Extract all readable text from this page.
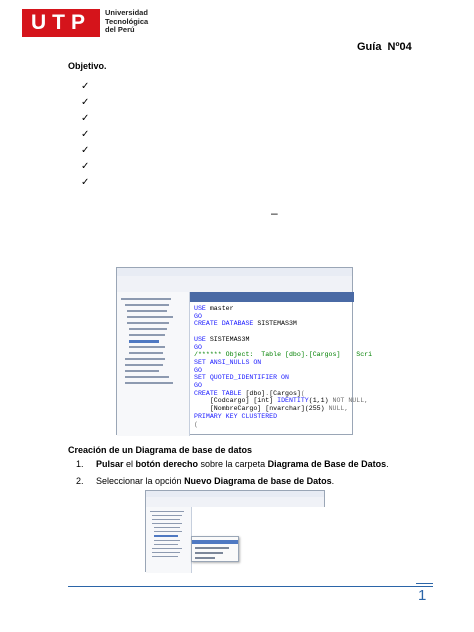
UTP Universidad
Tecnológica
del Perú
Guía  Nº04
Objetivo.
✓
✓
✓
✓
✓
✓
✓
–
USE master
GO
CREATE DATABASE SISTEMAS3M

USE SISTEMAS3M
GO
/****** Object:  Table [dbo].[Cargos]    Scri
SET ANSI_NULLS ON
GO
SET QUOTED_IDENTIFIER ON
GO
CREATE TABLE [dbo].[Cargos](
[Codcargo] [int] IDENTITY(1,1) NOT NULL,
[NombreCargo] [nvarchar](255) NULL,
PRIMARY KEY CLUSTERED
(
Creación de un Diagrama de base de datos
1. Pulsar el botón derecho sobre la carpeta Diagrama de Base de Datos.
2. Seleccionar la opción Nuevo Diagrama de base de Datos.
1
